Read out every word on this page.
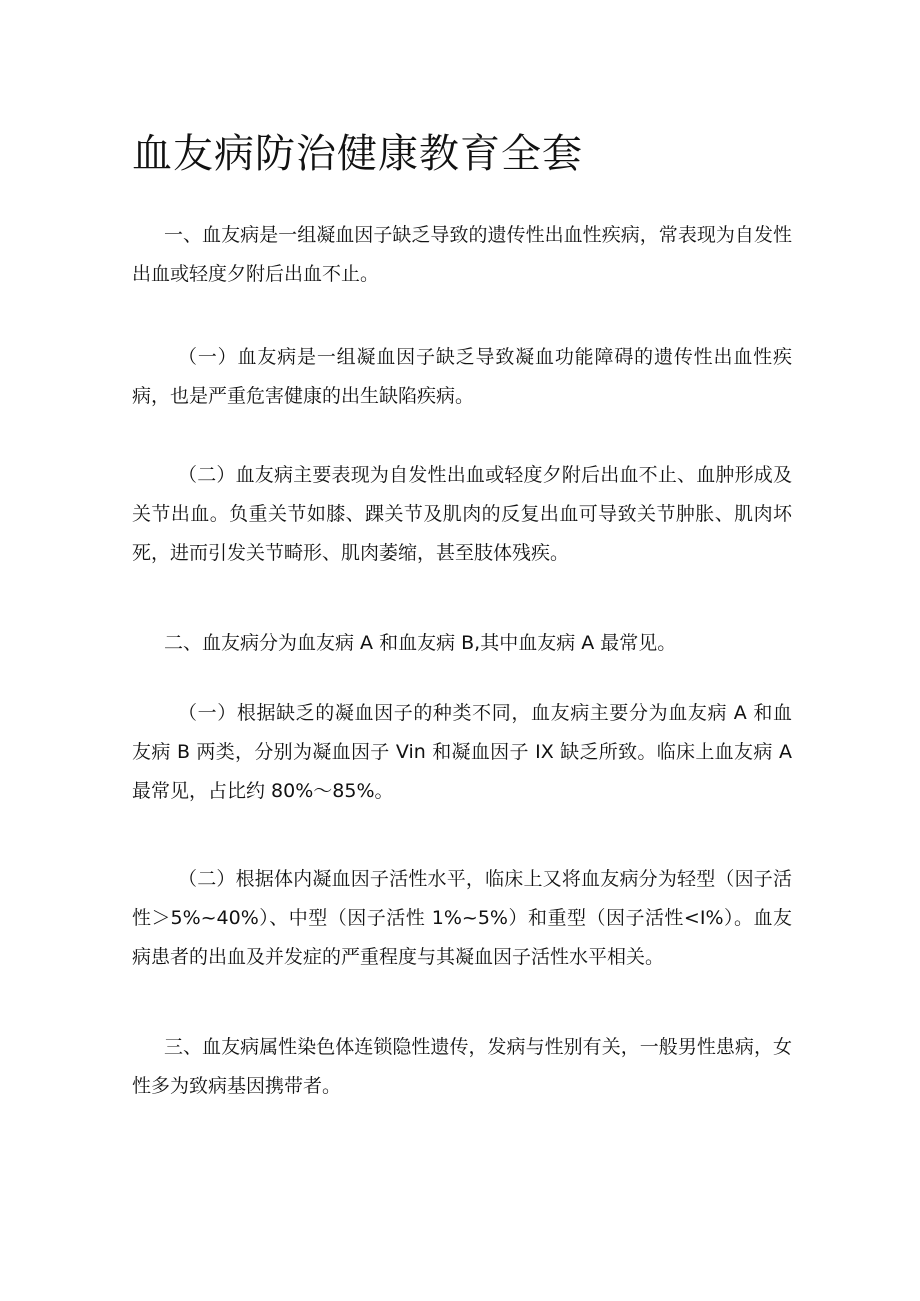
血友病防治健康教育全套

一、血友病是一组凝血因子缺乏导致的遗传性出血性疾病，常表现为自发性出血或轻度夕附后出血不止。

（一）血友病是一组凝血因子缺乏导致凝血功能障碍的遗传性出血性疾病，也是严重危害健康的出生缺陷疾病。

（二）血友病主要表现为自发性出血或轻度夕附后出血不止、血肿形成及关节出血。负重关节如膝、踝关节及肌肉的反复出血可导致关节肿胀、肌肉坏死，进而引发关节畸形、肌肉萎缩，甚至肢体残疾。

二、血友病分为血友病 A 和血友病 B,其中血友病 A 最常见。

（一）根据缺乏的凝血因子的种类不同，血友病主要分为血友病 A 和血友病 B 两类，分别为凝血因子 Vin 和凝血因子 IX 缺乏所致。临床上血友病 A 最常见，占比约 80%〜85%。

（二）根据体内凝血因子活性水平，临床上又将血友病分为轻型（因子活性＞5%~40%）、中型（因子活性 1%~5%）和重型（因子活性<I%）。血友病患者的出血及并发症的严重程度与其凝血因子活性水平相关。

三、血友病属性染色体连锁隐性遗传，发病与性别有关，一般男性患病，女性多为致病基因携带者。
